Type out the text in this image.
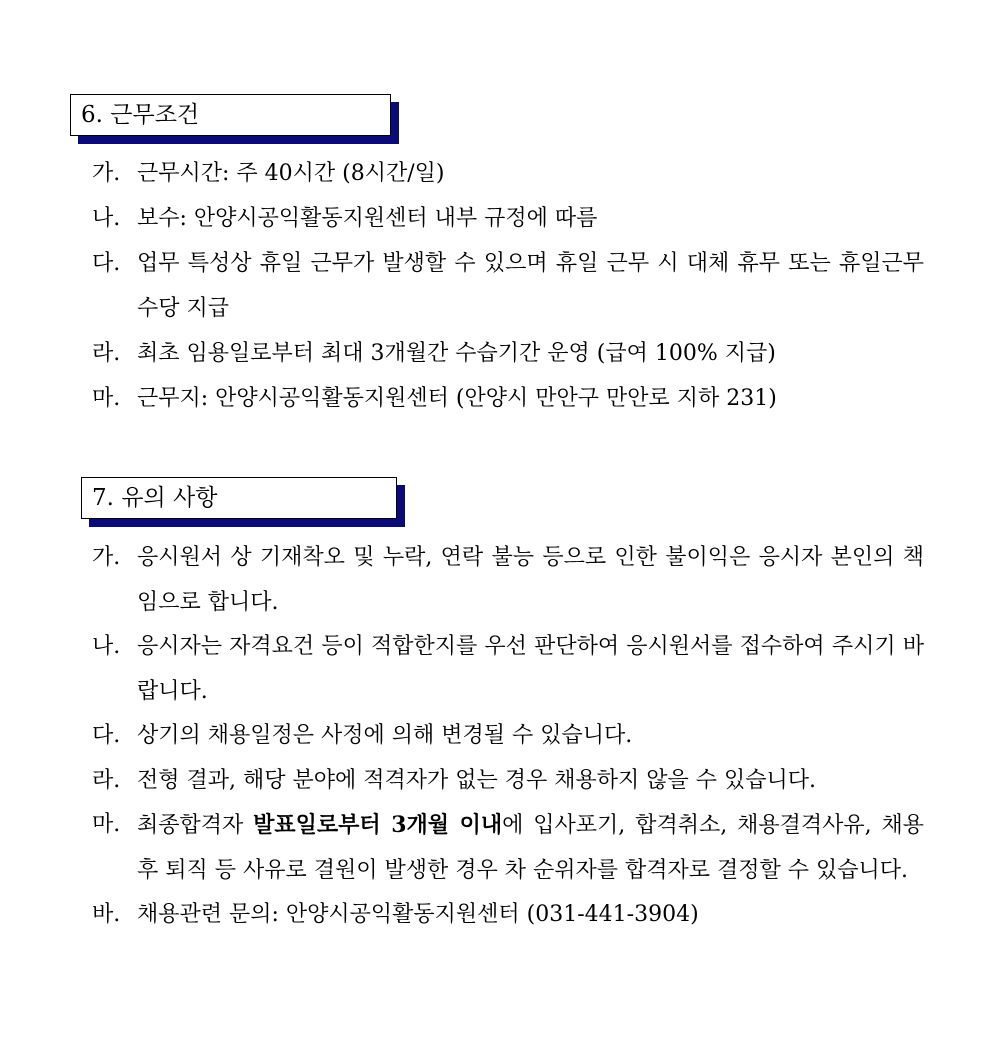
6. 근무조건
가. 근무시간: 주 40시간 (8시간/일)
나. 보수: 안양시공익활동지원센터 내부 규정에 따름
다. 업무 특성상 휴일 근무가 발생할 수 있으며 휴일 근무 시 대체 휴무 또는 휴일근무수당 지급
라. 최초 임용일로부터 최대 3개월간 수습기간 운영 (급여 100% 지급)
마. 근무지: 안양시공익활동지원센터 (안양시 만안구 만안로 지하 231)
7. 유의 사항
가. 응시원서 상 기재착오 및 누락, 연락 불능 등으로 인한 불이익은 응시자 본인의 책임으로 합니다.
나. 응시자는 자격요건 등이 적합한지를 우선 판단하여 응시원서를 접수하여 주시기 바랍니다.
다. 상기의 채용일정은 사정에 의해 변경될 수 있습니다.
라. 전형 결과, 해당 분야에 적격자가 없는 경우 채용하지 않을 수 있습니다.
마. 최종합격자 발표일로부터 3개월 이내에 입사포기, 합격취소, 채용결격사유, 채용 후 퇴직 등 사유로 결원이 발생한 경우 차 순위자를 합격자로 결정할 수 있습니다.
바. 채용관련 문의: 안양시공익활동지원센터 (031-441-3904)
